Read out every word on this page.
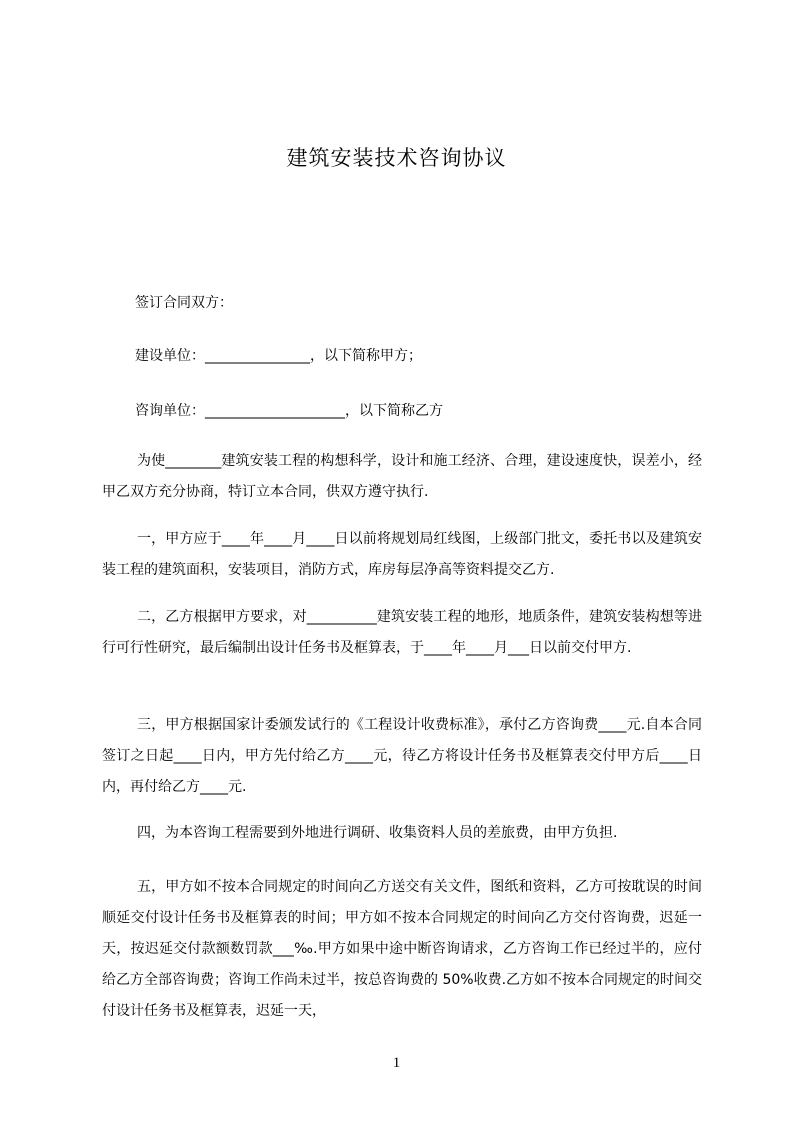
建筑安装技术咨询协议
签订合同双方：
建设单位：_______________，以下简称甲方；
咨询单位：____________________，以下简称乙方
为使________建筑安装工程的构想科学，设计和施工经济、合理，建设速度快，误差小，经甲乙双方充分协商，特订立本合同，供双方遵守执行.
一，甲方应于____年____月____日以前将规划局红线图，上级部门批文，委托书以及建筑安装工程的建筑面积，安装项目，消防方式，库房每层净高等资料提交乙方.
二，乙方根据甲方要求，对__________建筑安装工程的地形，地质条件，建筑安装构想等进行可行性研究，最后编制出设计任务书及框算表，于____年____月___日以前交付甲方.
三，甲方根据国家计委颁发试行的《工程设计收费标准》，承付乙方咨询费____元.自本合同签订之日起____日内，甲方先付给乙方____元，待乙方将设计任务书及框算表交付甲方后____日内，再付给乙方____元.
四，为本咨询工程需要到外地进行调研、收集资料人员的差旅费，由甲方负担.
五，甲方如不按本合同规定的时间向乙方送交有关文件，图纸和资料，乙方可按耽误的时间顺延交付设计任务书及框算表的时间；甲方如不按本合同规定的时间向乙方交付咨询费，迟延一天，按迟延交付款额数罚款___‰.甲方如果中途中断咨询请求，乙方咨询工作已经过半的，应付给乙方全部咨询费；咨询工作尚未过半，按总咨询费的 50%收费.乙方如不按本合同规定的时间交付设计任务书及框算表，迟延一天，
1
